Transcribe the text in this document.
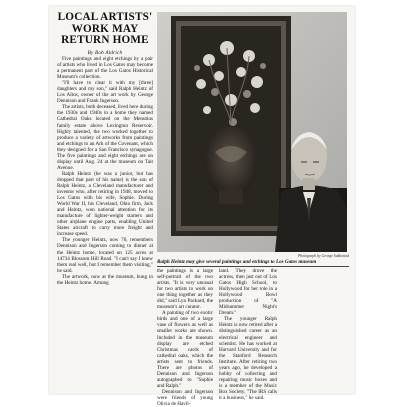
LOCAL ARTISTS' WORK MAY RETURN HOME
By Bob Aldrich

Five paintings and eight etchings by a pair of artists who lived in Los Gatos may become a permanent part of the Los Gatos Historical Museum's collection.

"I'll have to clear it with my [three] daughters and my son," said Ralph Heintz of Los Altos, owner of the art work by George Dennison and Frank Ingerson.

The artists, both deceased, lived here during the 1930s and 1940s in a home they named Cathedral Oaks located on the Menutius family estate above Lexington Reservoir. Highly talented, the two worked together to produce a variety of artworks from paintings and etchings to an Ark of the Covenant, which they designed for a San Francisco synagogue. The five paintings and eight etchings are on display until Aug. 24 at the museum on Tait Avenue.

Ralph Heintz (he was a junior, but has dropped that part of his name) is the son of Ralph Heintz, a Cleveland manufacturer and inventor who, after retiring in 1948, moved to Los Gatos with his wife, Sophie. During World War II, his Cleveland, Ohio firm, Jack and Heintz, won national attention for its manufacture of lighter-weight starters and other airplane engine parts, enabling United States aircraft to carry more freight and increase speed.

The younger Heintz, now 70, remembers Dennison and Ingerson coming to dinner at the Heintz home, located on 125 acres at 14734 Blossom Hill Road. "I can't say I knew them real well, but I remember them visiting," he said.

The artwork, now at the museum, hung in the Heintz home. Among

Photograph by George Sakkestad
Ralph Heintz may give several paintings and etchings to Los Gatos museum

the paintings is a large self-portrait of the two artists. "It is very unusual for two artists to work on one thing together as they did," said Lyn Packard, the museum's art curator.

A painting of two exotic birds and one of a large vase of flowers as well as smaller works are shown. Included in the museum display are etched Christmas cards of cathedral oaks, which the artists sent to friends. There are photos of Dennison and Ingerson autographed to "Sophie and Ralph."

Dennison and Ingerson were friends of young Olivia de Havil-

land. They drove the actress, then just out of Los Gatos High School, to Hollywood for her role in a Hollywood Bowl production of "A Midsummer Night's Dream."

The younger Ralph Heintz is now retired after a distinguished career as an electrical engineer and scientist. He has worked at Harvard University and for the Stanford Research Institute. After retiring two years ago, he developed a hobby of collecting and repairing music boxes and is a member of the Music Box Society. "The IRS calls it a business," he said.
